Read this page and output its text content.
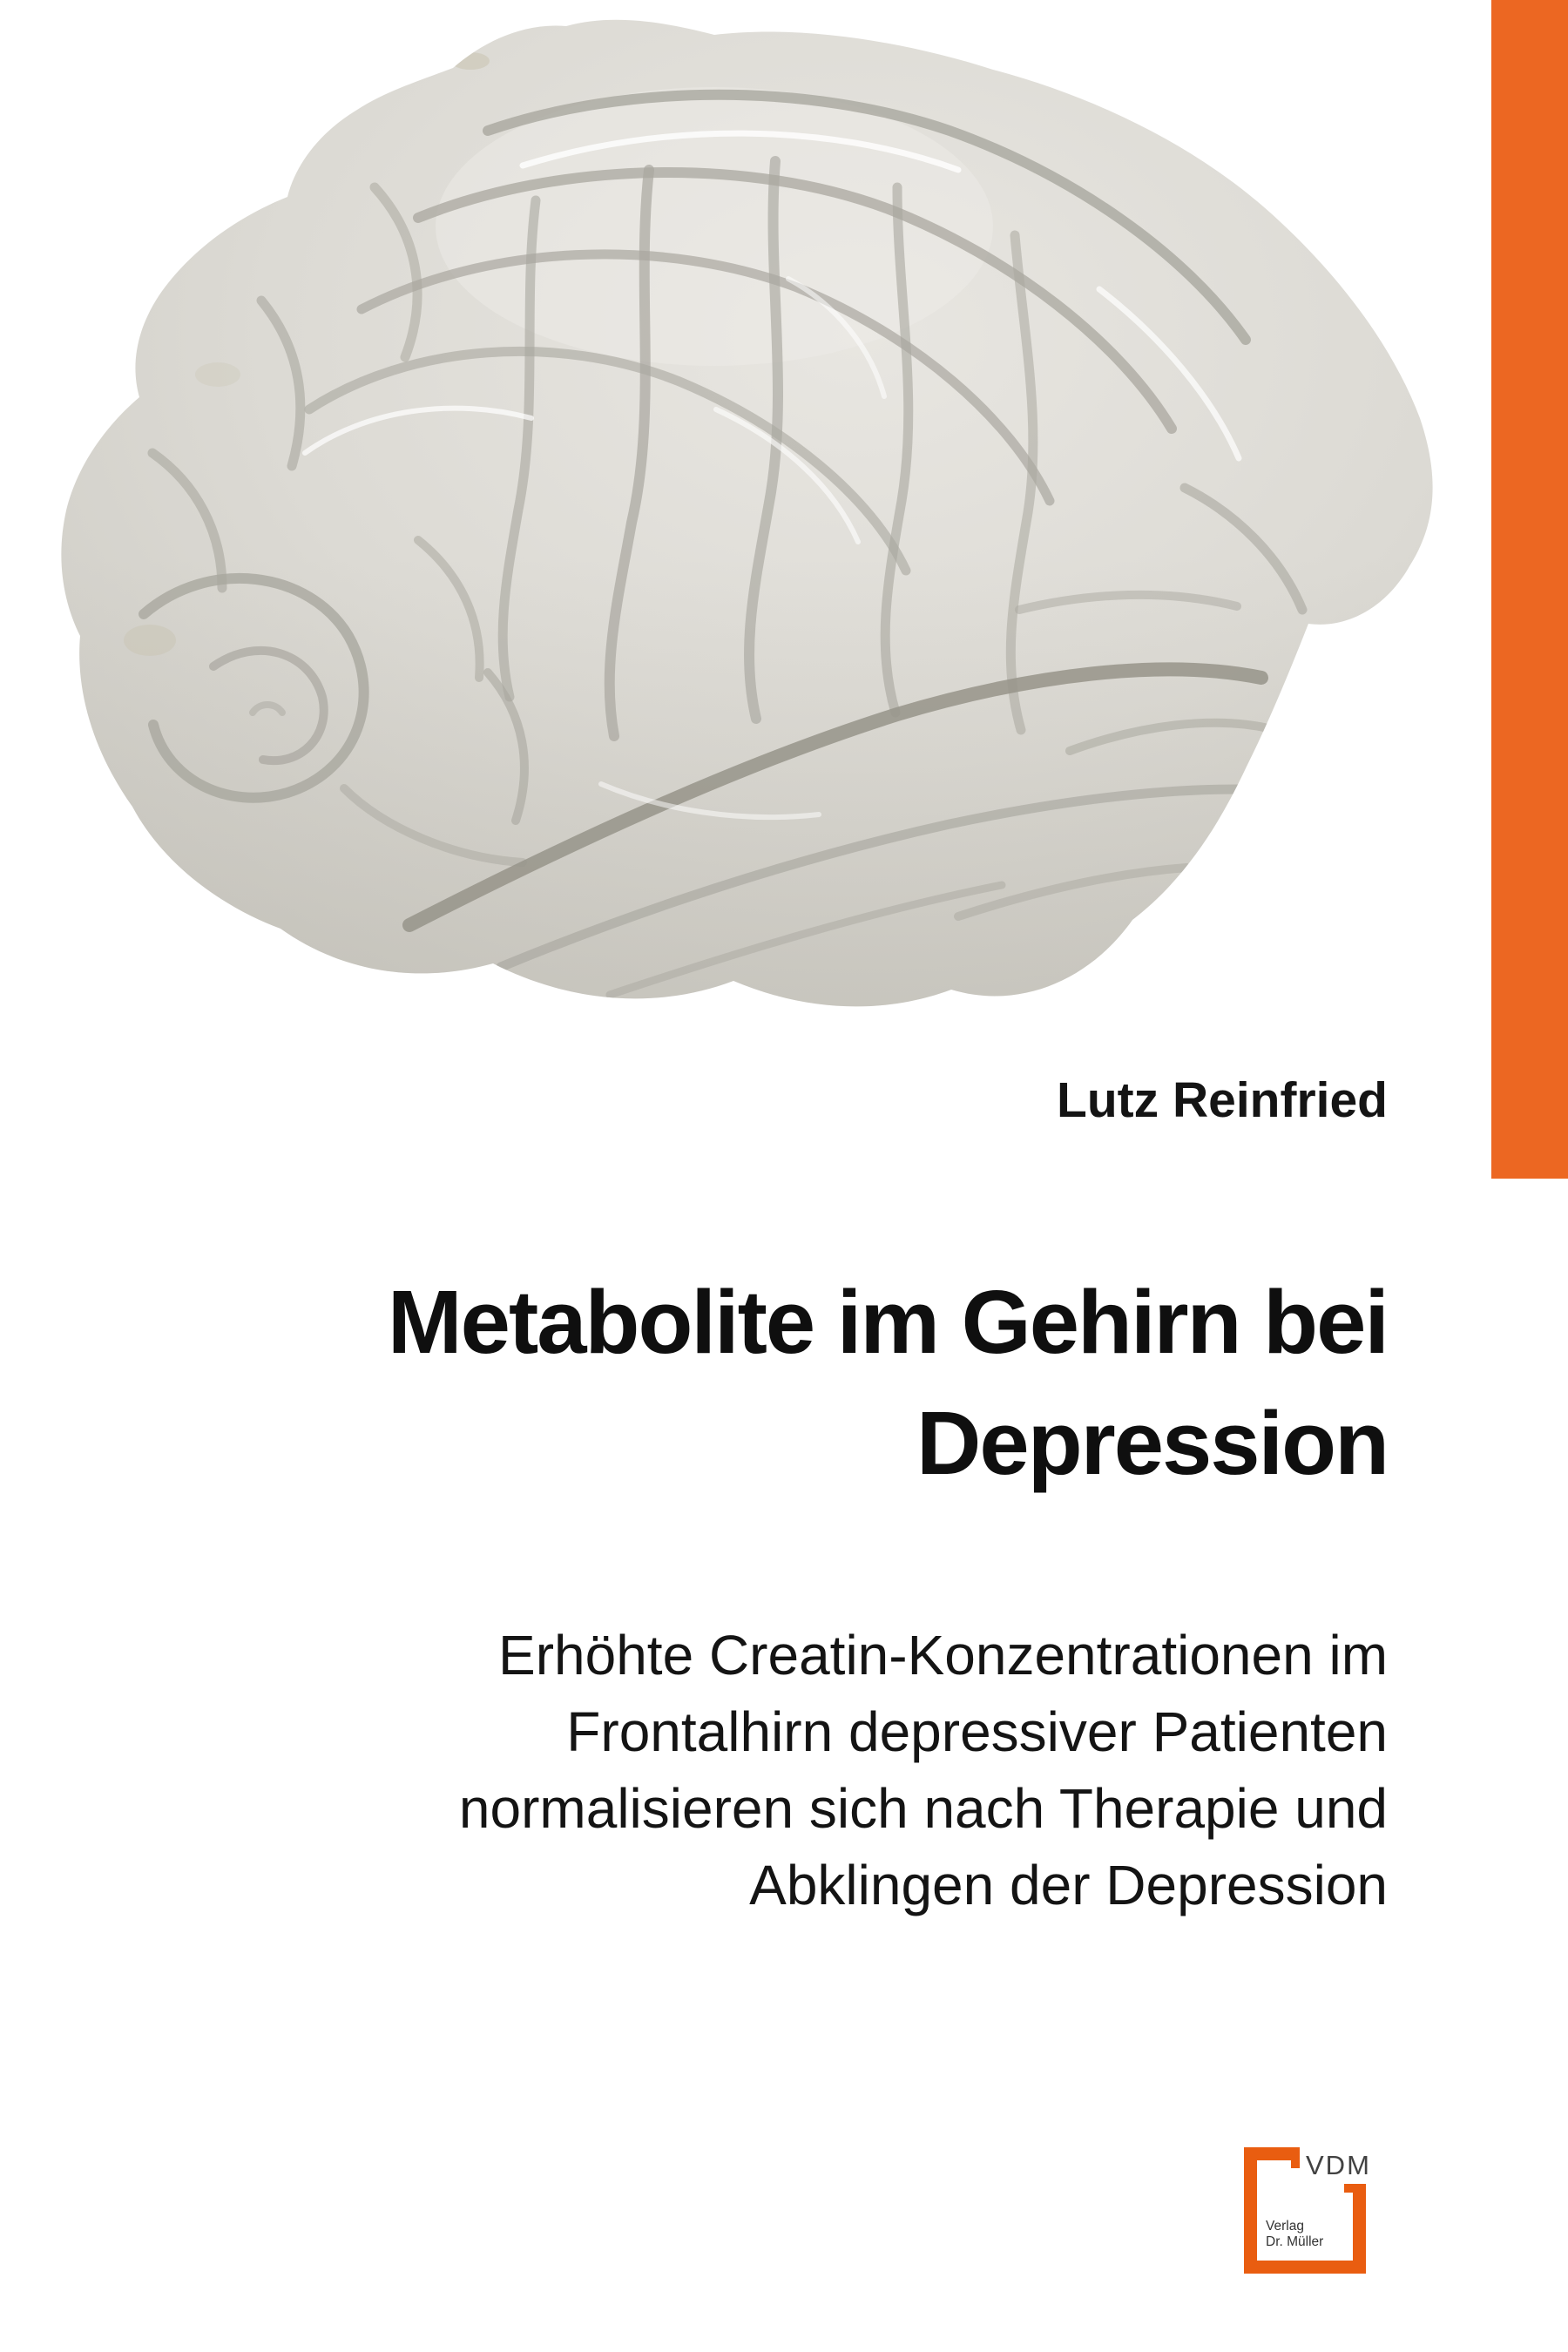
Lutz Reinfried
Metabolite im Gehirn bei
Depression
Erhöhte Creatin-Konzentrationen im
Frontalhirn depressiver Patienten
normalisieren sich nach Therapie und
Abklingen der Depression
VDM
Verlag
Dr. Müller
